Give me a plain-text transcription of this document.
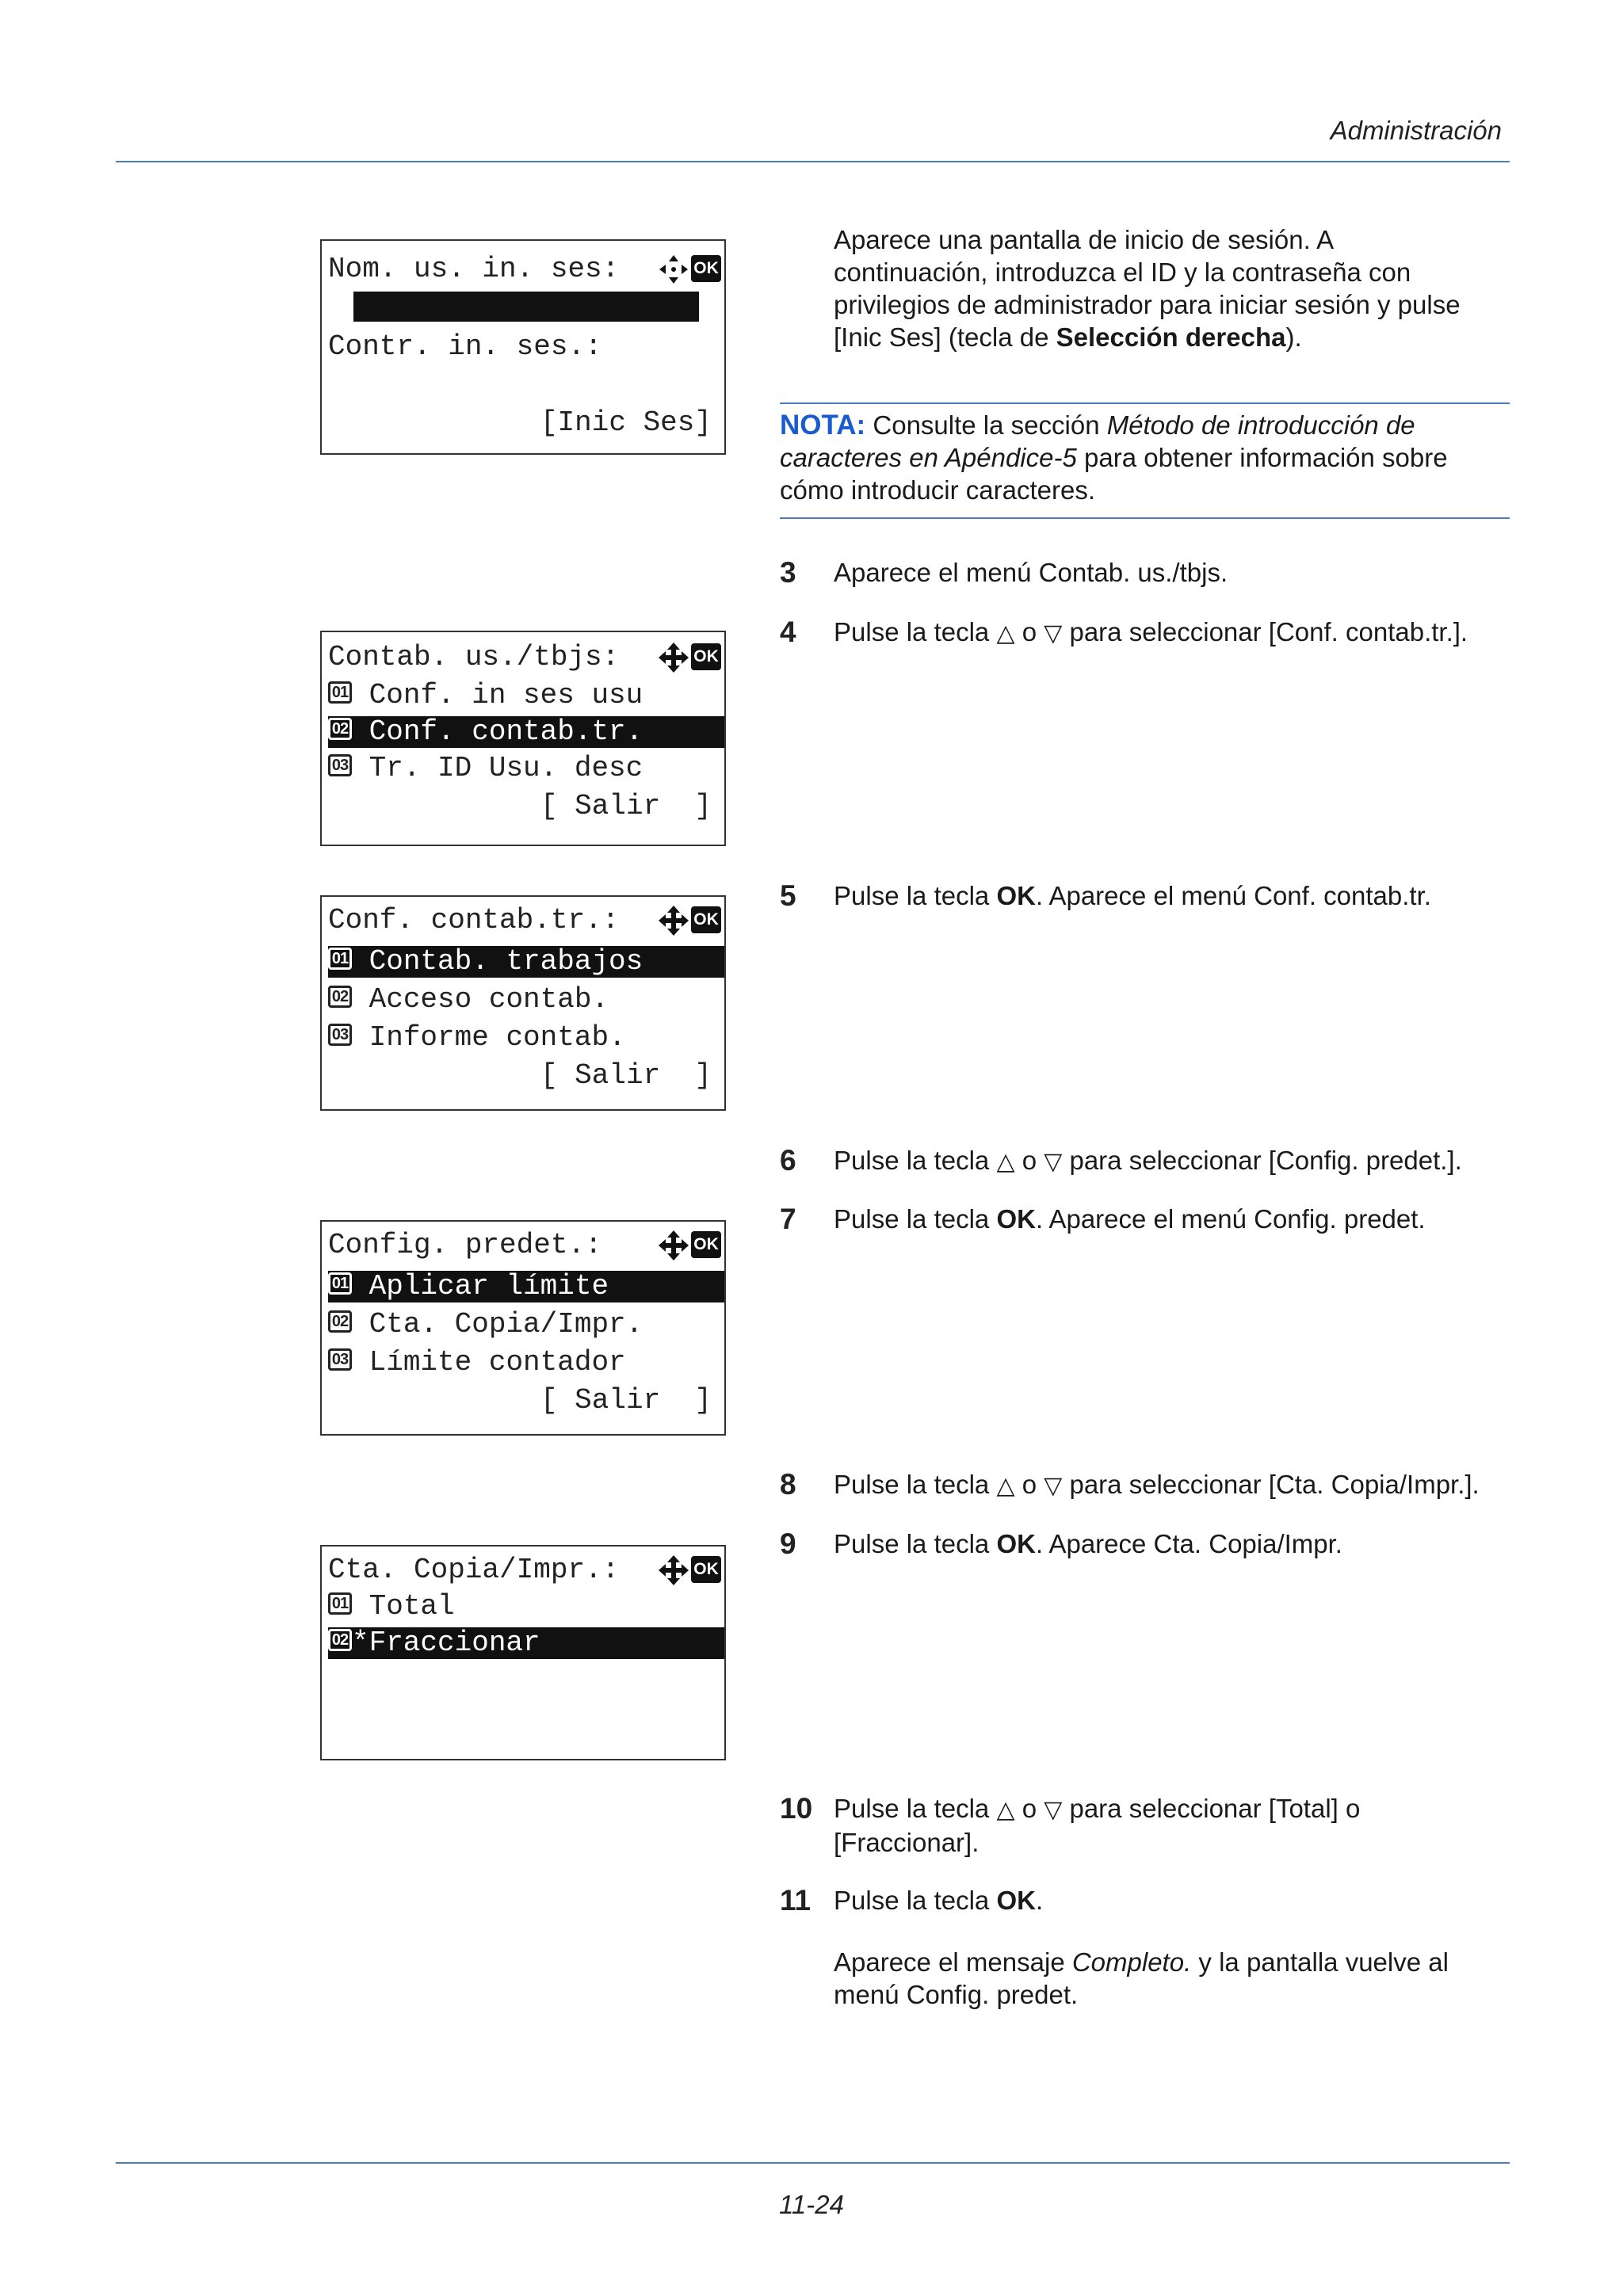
Administración
Nom. us. in. ses:	OK
Contr. in. ses.:
[Inic Ses]
Contab. us./tbjs:	OK
01 Conf. in ses usu
02 Conf. contab.tr.
03 Tr. ID Usu. desc
[ Salir  ]
Conf. contab.tr.:	OK
01 Contab. trabajos
02 Acceso contab.
03 Informe contab.
[ Salir  ]
Config. predet.:	OK
01 Aplicar límite
02 Cta. Copia/Impr.
03 Límite contador
[ Salir  ]
Cta. Copia/Impr.:	OK
01 Total
02 *Fraccionar
Aparece una pantalla de inicio de sesión. A
continuación, introduzca el ID y la contraseña con
privilegios de administrador para iniciar sesión y pulse
[Inic Ses] (tecla de Selección derecha).
NOTA: Consulte la sección Método de introducción de
caracteres en Apéndice-5 para obtener información sobre
cómo introducir caracteres.
3 Aparece el menú Contab. us./tbjs.
4 Pulse la tecla △ o ▽ para seleccionar [Conf. contab.tr.].
5 Pulse la tecla OK. Aparece el menú Conf. contab.tr.
6 Pulse la tecla △ o ▽ para seleccionar [Config. predet.].
7 Pulse la tecla OK. Aparece el menú Config. predet.
8 Pulse la tecla △ o ▽ para seleccionar [Cta. Copia/Impr.].
9 Pulse la tecla OK. Aparece Cta. Copia/Impr.
10 Pulse la tecla △ o ▽ para seleccionar [Total] o
[Fraccionar].
11 Pulse la tecla OK.
Aparece el mensaje Completo. y la pantalla vuelve al
menú Config. predet.
11-24
